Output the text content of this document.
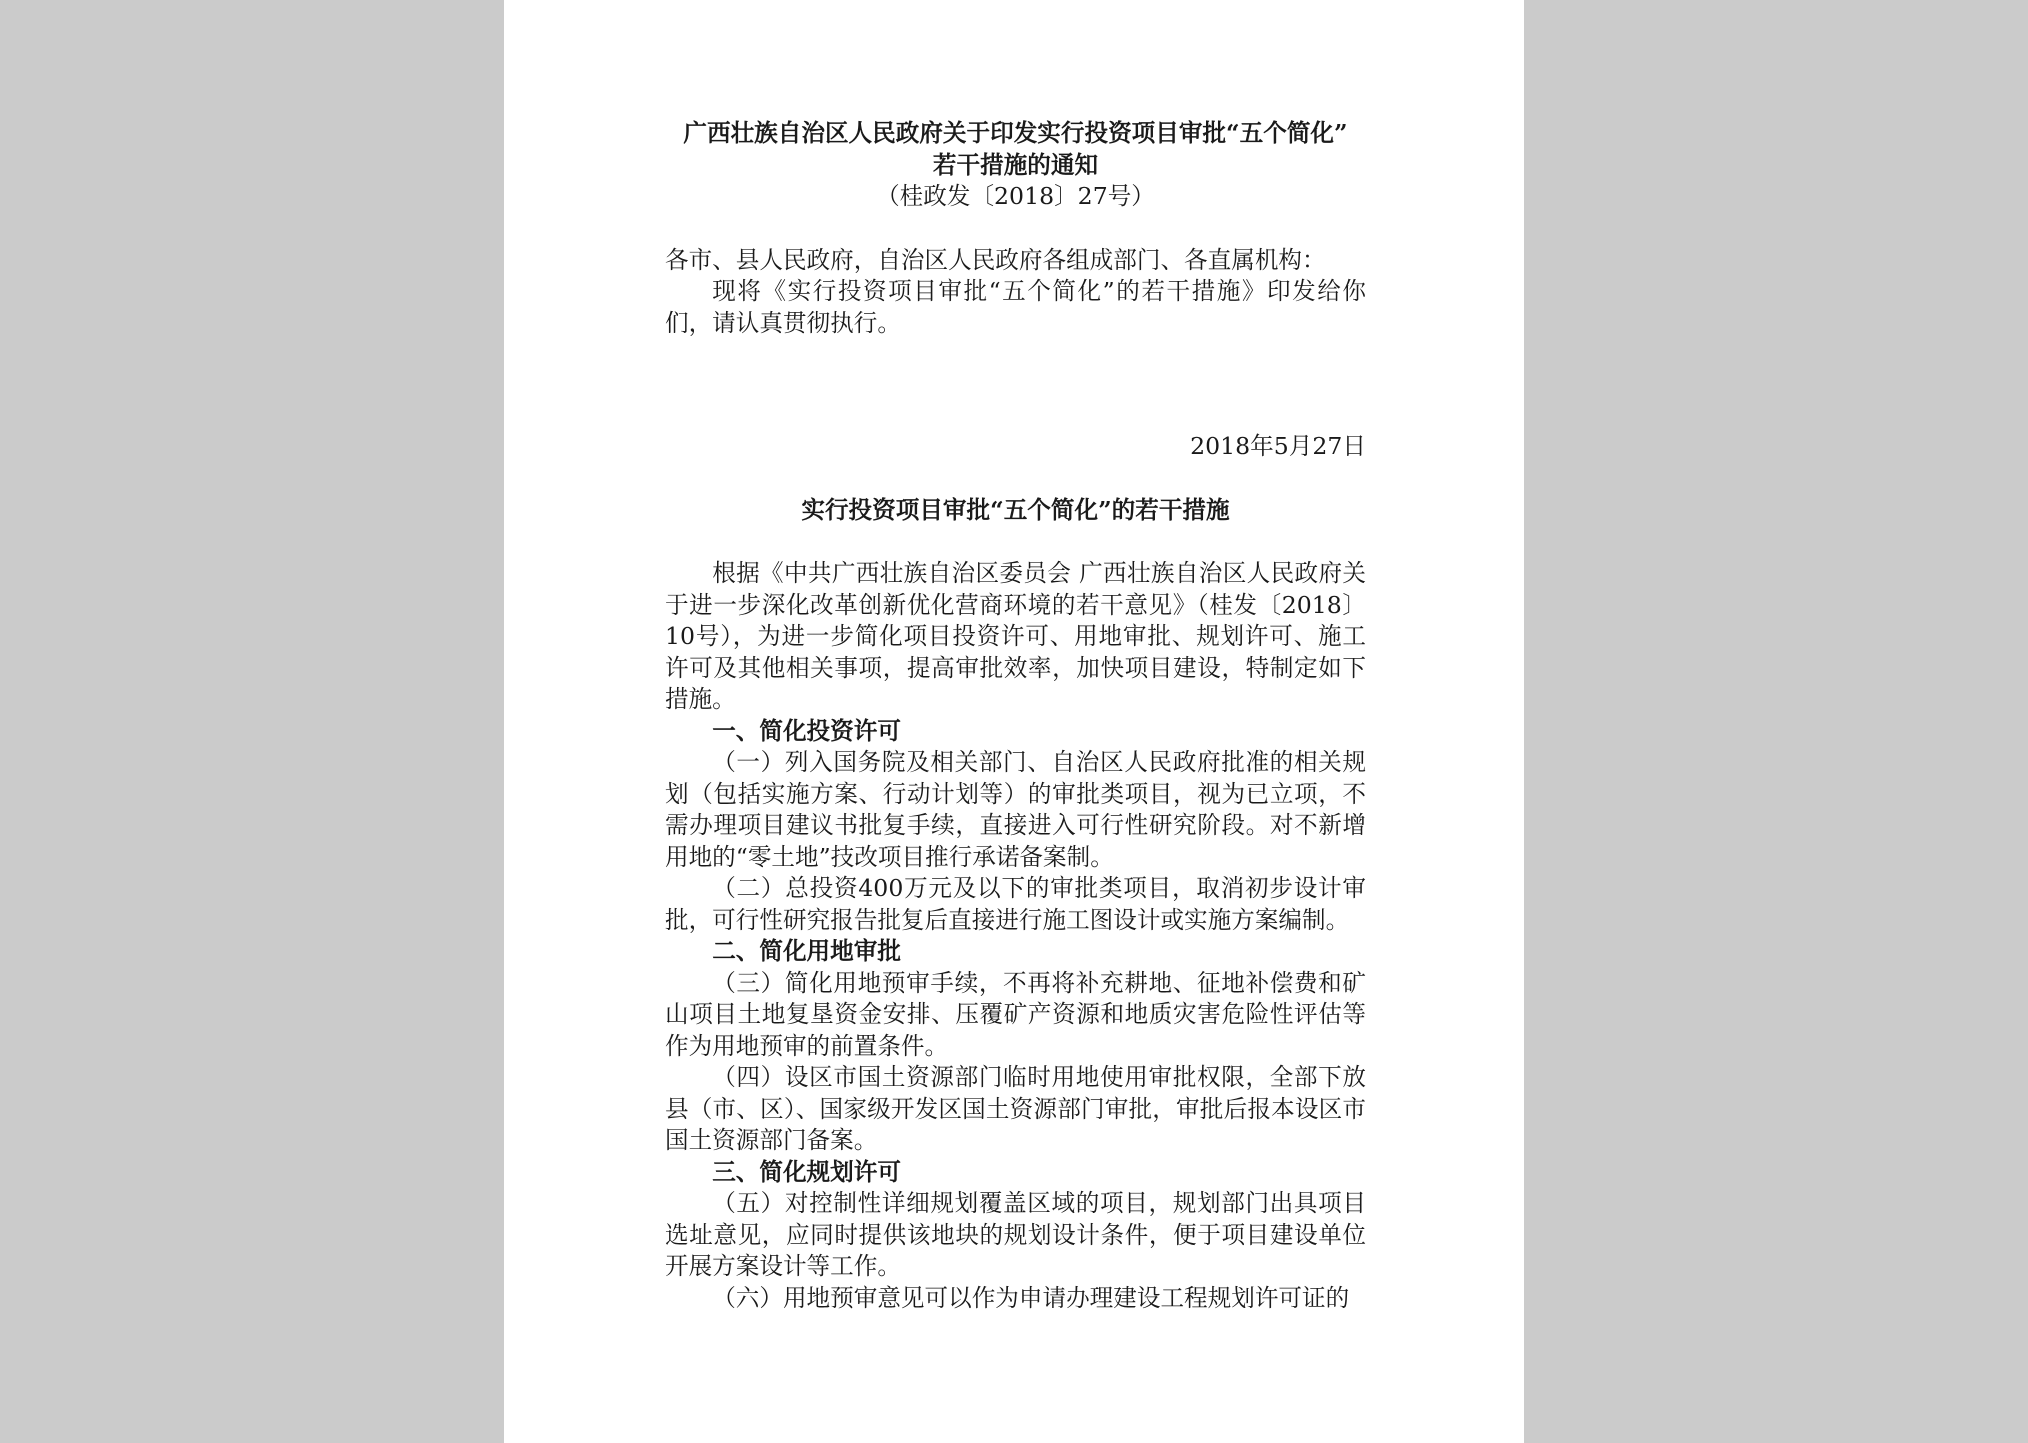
广西壮族自治区人民政府关于印发实行投资项目审批“五个简化”

若干措施的通知

（桂政发〔2018〕27号）

各市、县人民政府，自治区人民政府各组成部门、各直属机构：

现将《实行投资项目审批“五个简化”的若干措施》印发给你们，请认真贯彻执行。

2018年5月27日

实行投资项目审批“五个简化”的若干措施

根据《中共广西壮族自治区委员会 广西壮族自治区人民政府关于进一步深化改革创新优化营商环境的若干意见》（桂发〔2018〕10号），为进一步简化项目投资许可、用地审批、规划许可、施工许可及其他相关事项，提高审批效率，加快项目建设，特制定如下措施。

一、简化投资许可

（一）列入国务院及相关部门、自治区人民政府批准的相关规划（包括实施方案、行动计划等）的审批类项目，视为已立项，不需办理项目建议书批复手续，直接进入可行性研究阶段。对不新增用地的“零土地”技改项目推行承诺备案制。

（二）总投资400万元及以下的审批类项目，取消初步设计审批，可行性研究报告批复后直接进行施工图设计或实施方案编制。

二、简化用地审批

（三）简化用地预审手续，不再将补充耕地、征地补偿费和矿山项目土地复垦资金安排、压覆矿产资源和地质灾害危险性评估等作为用地预审的前置条件。

（四）设区市国土资源部门临时用地使用审批权限，全部下放县（市、区）、国家级开发区国土资源部门审批，审批后报本设区市国土资源部门备案。

三、简化规划许可

（五）对控制性详细规划覆盖区域的项目，规划部门出具项目选址意见，应同时提供该地块的规划设计条件，便于项目建设单位开展方案设计等工作。

（六）用地预审意见可以作为申请办理建设工程规划许可证的
